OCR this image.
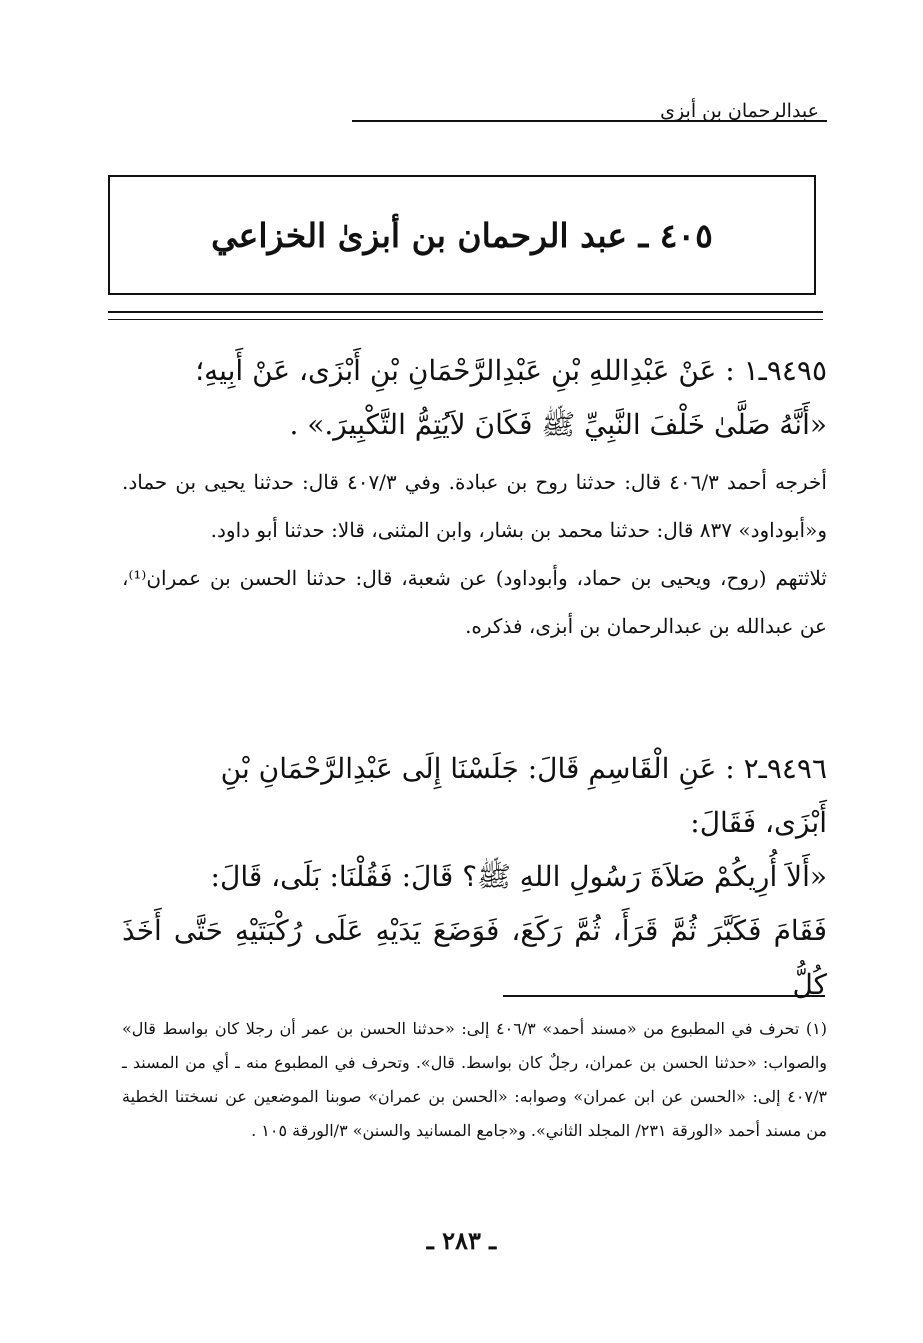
عبدالرحمان بن أبزى
٤٠٥ ـ عبد الرحمان بن أبزىٰ الخزاعي
٩٤٩٥ـ١ : عَنْ عَبْدِاللهِ بْنِ عَبْدِالرَّحْمَانِ بْنِ أَبْزَى، عَنْ أَبِيهِ؛
«أَنَّهُ صَلَّىٰ خَلْفَ النَّبِيِّ ﷺ فَكَانَ لاَيُتِمُّ التَّكْبِيرَ.» .
أخرجه أحمد ٤٠٦/٣ قال: حدثنا روح بن عبادة. وفي ٤٠٧/٣ قال: حدثنا يحيى بن حماد. و«أبوداود» ٨٣٧ قال: حدثنا محمد بن بشار، وابن المثنى، قالا: حدثنا أبو داود.
ثلاثتهم (روح، ويحيى بن حماد، وأبوداود) عن شعبة، قال: حدثنا الحسن بن عمران⁽¹⁾، عن عبدالله بن عبدالرحمان بن أبزى، فذكره.
٩٤٩٦ـ٢ : عَنِ الْقَاسِمِ قَالَ: جَلَسْنَا إِلَى عَبْدِالرَّحْمَانِ بْنِ
أَبْزَى، فَقَالَ:
«أَلاَ أُرِيكُمْ صَلاَةَ رَسُولِ اللهِ ﷺ؟ قَالَ: فَقُلْنَا: بَلَى، قَالَ:
فَقَامَ فَكَبَّرَ ثُمَّ قَرَأَ، ثُمَّ رَكَعَ، فَوَضَعَ يَدَيْهِ عَلَى رُكْبَتَيْهِ حَتَّى أَخَذَ كُلُّ
(١) تحرف في المطبوع من «مسند أحمد» ٤٠٦/٣ إلى: «حدثنا الحسن بن عمر أن رجلا كان بواسط قال» والصواب: «حدثنا الحسن بن عمران، رجلٌ كان بواسط. قال». وتحرف في المطبوع منه ـ أي من المسند ـ ٤٠٧/٣ إلى: «الحسن عن ابن عمران» وصوابه: «الحسن بن عمران» صوبنا الموضعين عن نسختنا الخطية من مسند أحمد «الورقة ٢٣١/ المجلد الثاني». و«جامع المسانيد والسنن» ٣/الورقة ١٠٥ .
ـ ٢٨٣ ـ
